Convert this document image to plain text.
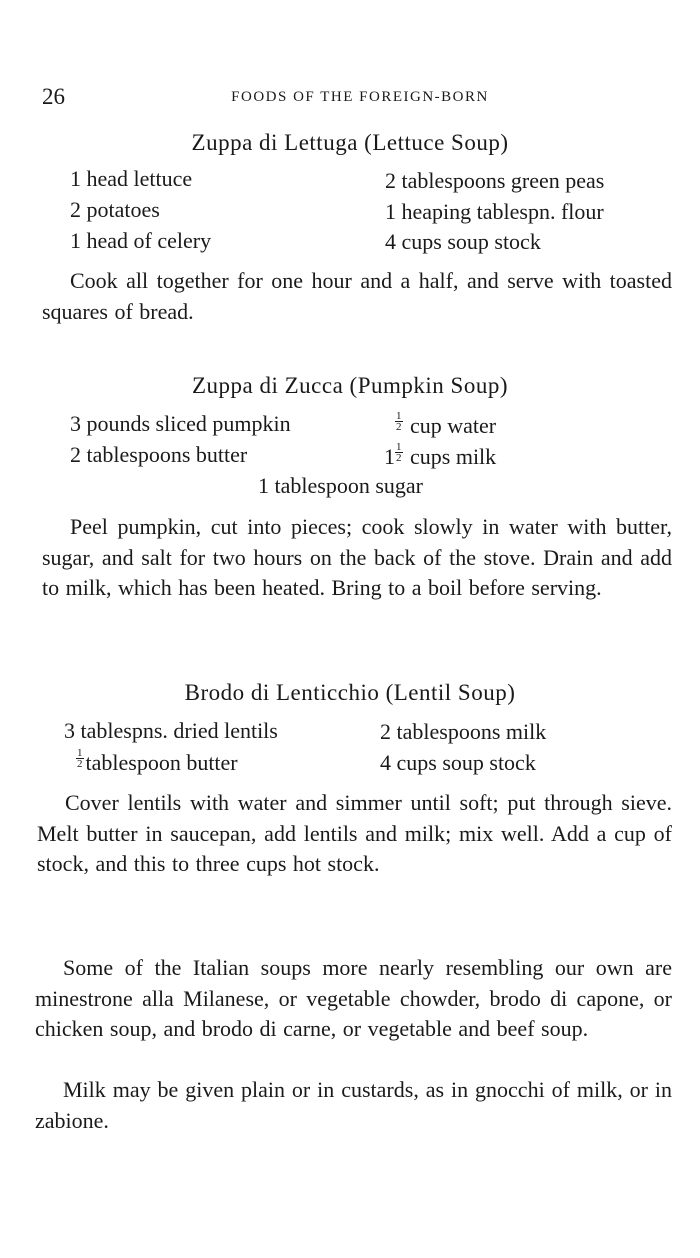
26	FOODS OF THE FOREIGN-BORN
Zuppa di Lettuga (Lettuce Soup)
1 head lettuce
2 potatoes
1 head of celery
2 tablespoons green peas
1 heaping tablespn. flour
4 cups soup stock
Cook all together for one hour and a half, and serve with toasted squares of bread.
Zuppa di Zucca (Pumpkin Soup)
3 pounds sliced pumpkin
2 tablespoons butter
$\frac{1}{2}$ cup water
$1 \frac{1}{2}$ cups milk
1 tablespoon sugar
Peel pumpkin, cut into pieces; cook slowly in water with butter, sugar, and salt for two hours on the back of the stove. Drain and add to milk, which has been heated. Bring to a boil before serving.
Brodo di Lenticchio (Lentil Soup)
3 tablespns. dried lentils
$\frac{1}{2}$ tablespoon butter
2 tablespoons milk
4 cups soup stock
Cover lentils with water and simmer until soft; put through sieve. Melt butter in saucepan, add lentils and milk; mix well. Add a cup of stock, and this to three cups hot stock.
Some of the Italian soups more nearly resembling our own are minestrone alla Milanese, or vegetable chowder, brodo di capone, or chicken soup, and brodo di carne, or vegetable and beef soup.
Milk may be given plain or in custards, as in gnocchi of milk, or in zabione.
